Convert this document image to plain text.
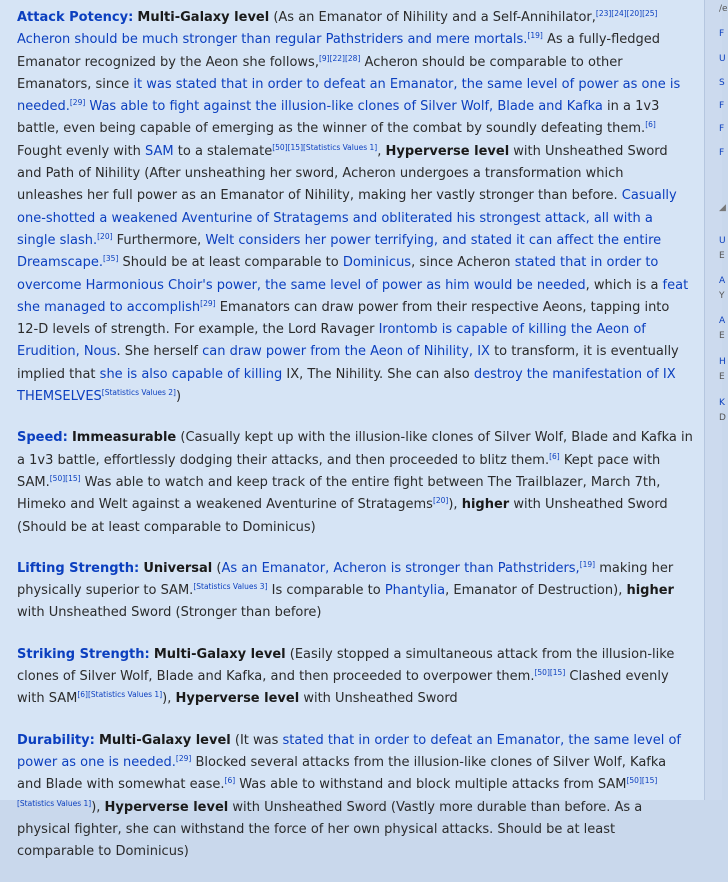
Attack Potency: Multi-Galaxy level (As an Emanator of Nihility and a Self-Annihilator,[23][24][20][25] Acheron should be much stronger than regular Pathstriders and mere mortals.[19] As a fully-fledged Emanator recognized by the Aeon she follows,[9][22][28] Acheron should be comparable to other Emanators, since it was stated that in order to defeat an Emanator, the same level of power as one is needed.[29] Was able to fight against the illusion-like clones of Silver Wolf, Blade and Kafka in a 1v3 battle, even being capable of emerging as the winner of the combat by soundly defeating them.[6] Fought evenly with SAM to a stalemate[50][15][Statistics Values 1], Hyperverse level with Unsheathed Sword and Path of Nihility (After unsheathing her sword, Acheron undergoes a transformation which unleashes her full power as an Emanator of Nihility, making her vastly stronger than before. Casually one-shotted a weakened Aventurine of Stratagems and obliterated his strongest attack, all with a single slash.[20] Furthermore, Welt considers her power terrifying, and stated it can affect the entire Dreamscape.[35] Should be at least comparable to Dominicus, since Acheron stated that in order to overcome Harmonious Choir's power, the same level of power as him would be needed, which is a feat she managed to accomplish[29] Emanators can draw power from their respective Aeons, tapping into 12-D levels of strength. For example, the Lord Ravager Irontomb is capable of killing the Aeon of Erudition, Nous. She herself can draw power from the Aeon of Nihility, IX to transform, it is eventually implied that she is also capable of killing IX, The Nihility. She can also destroy the manifestation of IX THEMSELVES[Statistics Values 2])

Speed: Immeasurable (Casually kept up with the illusion-like clones of Silver Wolf, Blade and Kafka in a 1v3 battle, effortlessly dodging their attacks, and then proceeded to blitz them.[6] Kept pace with SAM.[50][15] Was able to watch and keep track of the entire fight between The Trailblazer, March 7th, Himeko and Welt against a weakened Aventurine of Stratagems[20]), higher with Unsheathed Sword (Should be at least comparable to Dominicus)

Lifting Strength: Universal (As an Emanator, Acheron is stronger than Pathstriders,[19] making her physically superior to SAM.[Statistics Values 3] Is comparable to Phantylia, Emanator of Destruction), higher with Unsheathed Sword (Stronger than before)

Striking Strength: Multi-Galaxy level (Easily stopped a simultaneous attack from the illusion-like clones of Silver Wolf, Blade and Kafka, and then proceeded to overpower them.[50][15] Clashed evenly with SAM[6][Statistics Values 1]), Hyperverse level with Unsheathed Sword

Durability: Multi-Galaxy level (It was stated that in order to defeat an Emanator, the same level of power as one is needed.[29] Blocked several attacks from the illusion-like clones of Silver Wolf, Kafka and Blade with somewhat ease.[6] Was able to withstand and block multiple attacks from SAM[50][15][Statistics Values 1]), Hyperverse level with Unsheathed Sword (Vastly more durable than before. As a physical fighter, she can withstand the force of her own physical attacks. Should be at least comparable to Dominicus)

/e
F
U
S
F
F
F
◢
U
E
A
Y
A
E
H
E
K
D
